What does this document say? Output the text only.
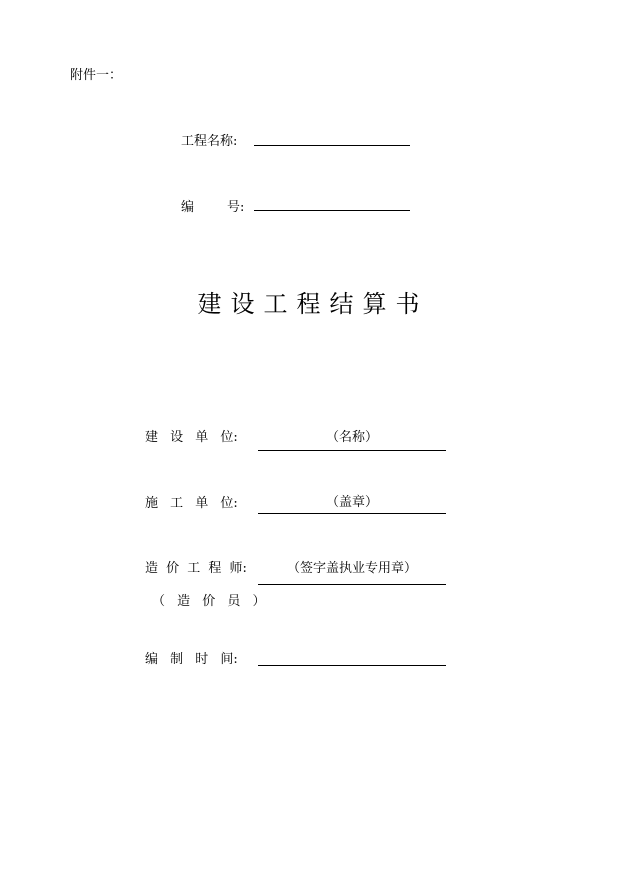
附件一：
工程名称:
编	号:
建设工程结算书
建 设 单 位:	（名称）
施 工 单 位:	（盖章）
造 价 工 程 师:	（签字盖执业专用章）
（ 造 价 员 ）
编 制 时 间:
